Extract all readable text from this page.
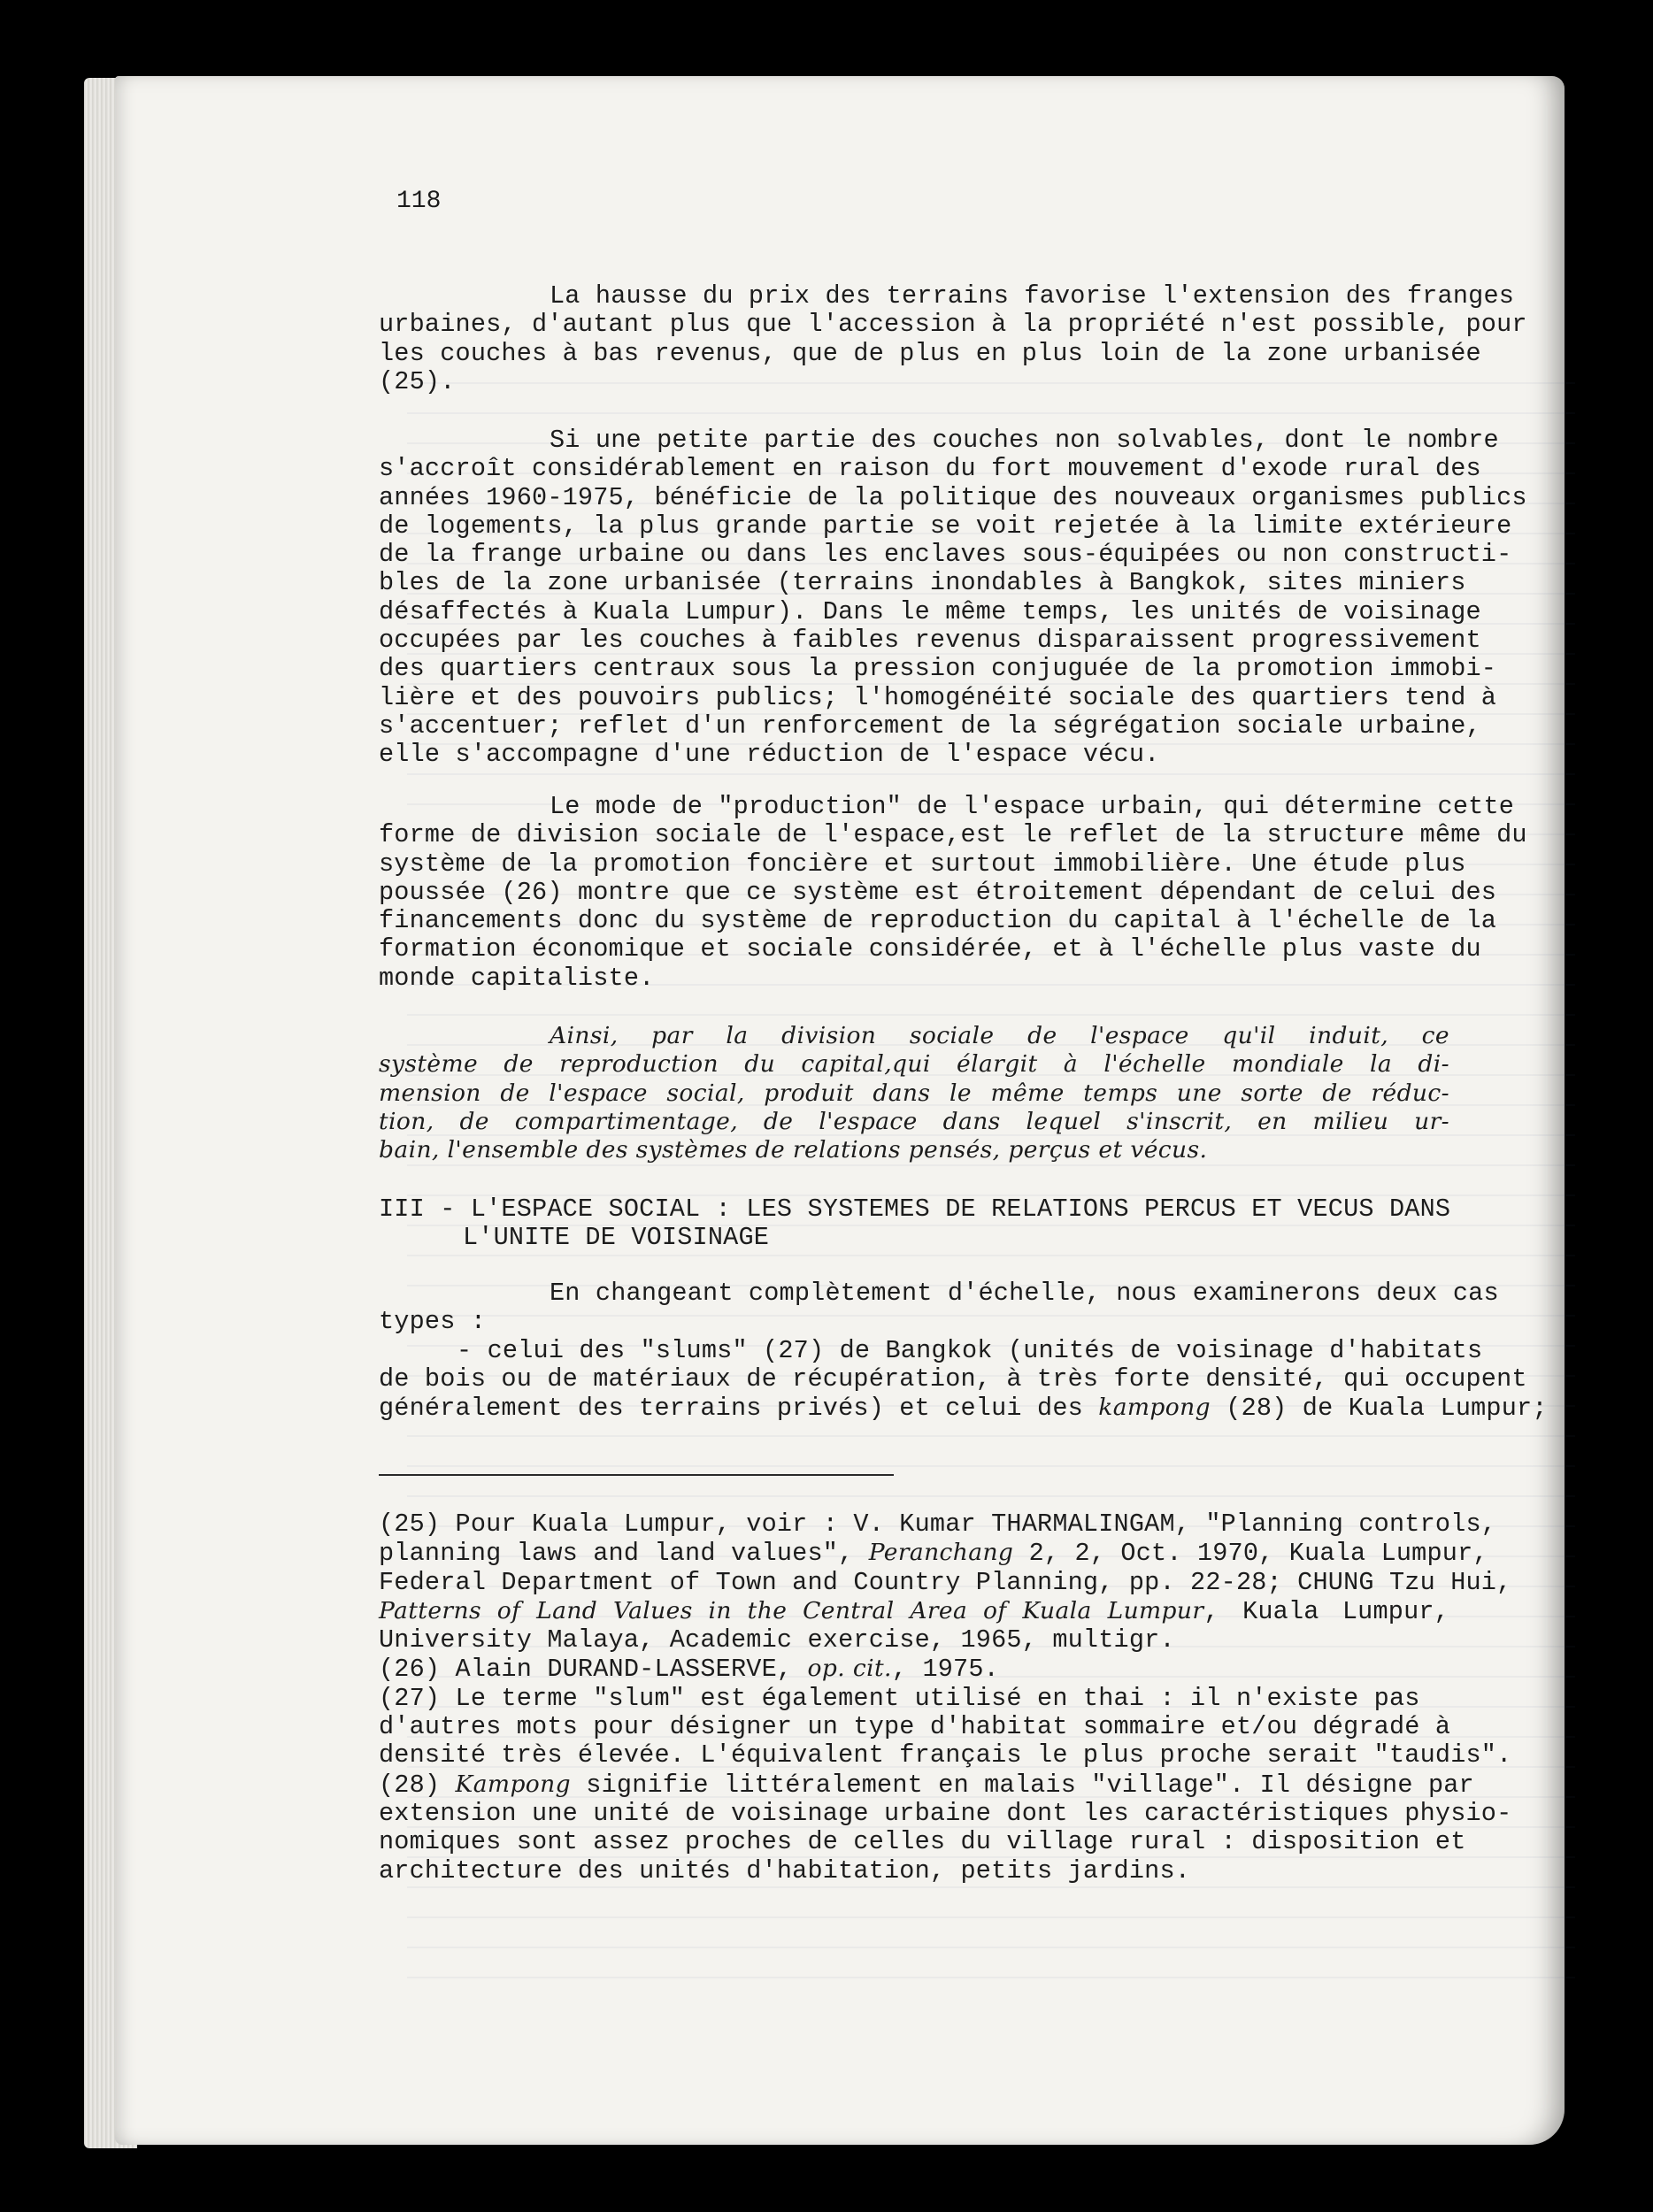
118
La hausse du prix des terrains favorise l'extension des franges
urbaines, d'autant plus que l'accession à la propriété n'est possible, pour
les couches à bas revenus, que de plus en plus loin de la zone urbanisée
(25).
Si une petite partie des couches non solvables, dont le nombre
s'accroît considérablement en raison du fort mouvement d'exode rural des
années 1960-1975, bénéficie de la politique des nouveaux organismes publics
de logements, la plus grande partie se voit rejetée à la limite extérieure
de la frange urbaine ou dans les enclaves sous-équipées ou non constructi-
bles de la zone urbanisée (terrains inondables à Bangkok, sites miniers
désaffectés à Kuala Lumpur). Dans le même temps, les unités de voisinage
occupées par les couches à faibles revenus disparaissent progressivement
des quartiers centraux sous la pression conjuguée de la promotion immobi-
lière et des pouvoirs publics; l'homogénéité sociale des quartiers tend à
s'accentuer; reflet d'un renforcement de la ségrégation sociale urbaine,
elle s'accompagne d'une réduction de l'espace vécu.
Le mode de "production" de l'espace urbain, qui détermine cette
forme de division sociale de l'espace,est le reflet de la structure même du
système de la promotion foncière et surtout immobilière. Une étude plus
poussée (26) montre que ce système est étroitement dépendant de celui des
financements donc du système de reproduction du capital à l'échelle de la
formation économique et sociale considérée, et à l'échelle plus vaste du
monde capitaliste.
Ainsi, par la division sociale de l'espace qu'il induit, ce
système de reproduction du capital,qui élargit à l'échelle mondiale la di-
mension de l'espace social, produit dans le même temps une sorte de réduc-
tion, de compartimentage, de l'espace dans lequel s'inscrit, en milieu ur-
bain, l'ensemble des systèmes de relations pensés, perçus et vécus.
III - L'ESPACE SOCIAL : LES SYSTEMES DE RELATIONS PERCUS ET VECUS DANS
L'UNITE DE VOISINAGE
En changeant complètement d'échelle, nous examinerons deux cas
types :
- celui des "slums" (27) de Bangkok (unités de voisinage d'habitats
de bois ou de matériaux de récupération, à très forte densité, qui occupent
généralement des terrains privés) et celui des kampong (28) de Kuala Lumpur;
(25) Pour Kuala Lumpur, voir : V. Kumar THARMALINGAM, "Planning controls,
planning laws and land values", Peranchang 2, 2, Oct. 1970, Kuala Lumpur,
Federal Department of Town and Country Planning, pp. 22-28; CHUNG Tzu Hui,
Patterns of Land Values in the Central Area of Kuala Lumpur, Kuala Lumpur,
University Malaya, Academic exercise, 1965, multigr.
(26) Alain DURAND-LASSERVE, op. cit., 1975.
(27) Le terme "slum" est également utilisé en thai : il n'existe pas
d'autres mots pour désigner un type d'habitat sommaire et/ou dégradé à
densité très élevée. L'équivalent français le plus proche serait "taudis".
(28) Kampong signifie littéralement en malais "village". Il désigne par
extension une unité de voisinage urbaine dont les caractéristiques physio-
nomiques sont assez proches de celles du village rural : disposition et
architecture des unités d'habitation, petits jardins.
